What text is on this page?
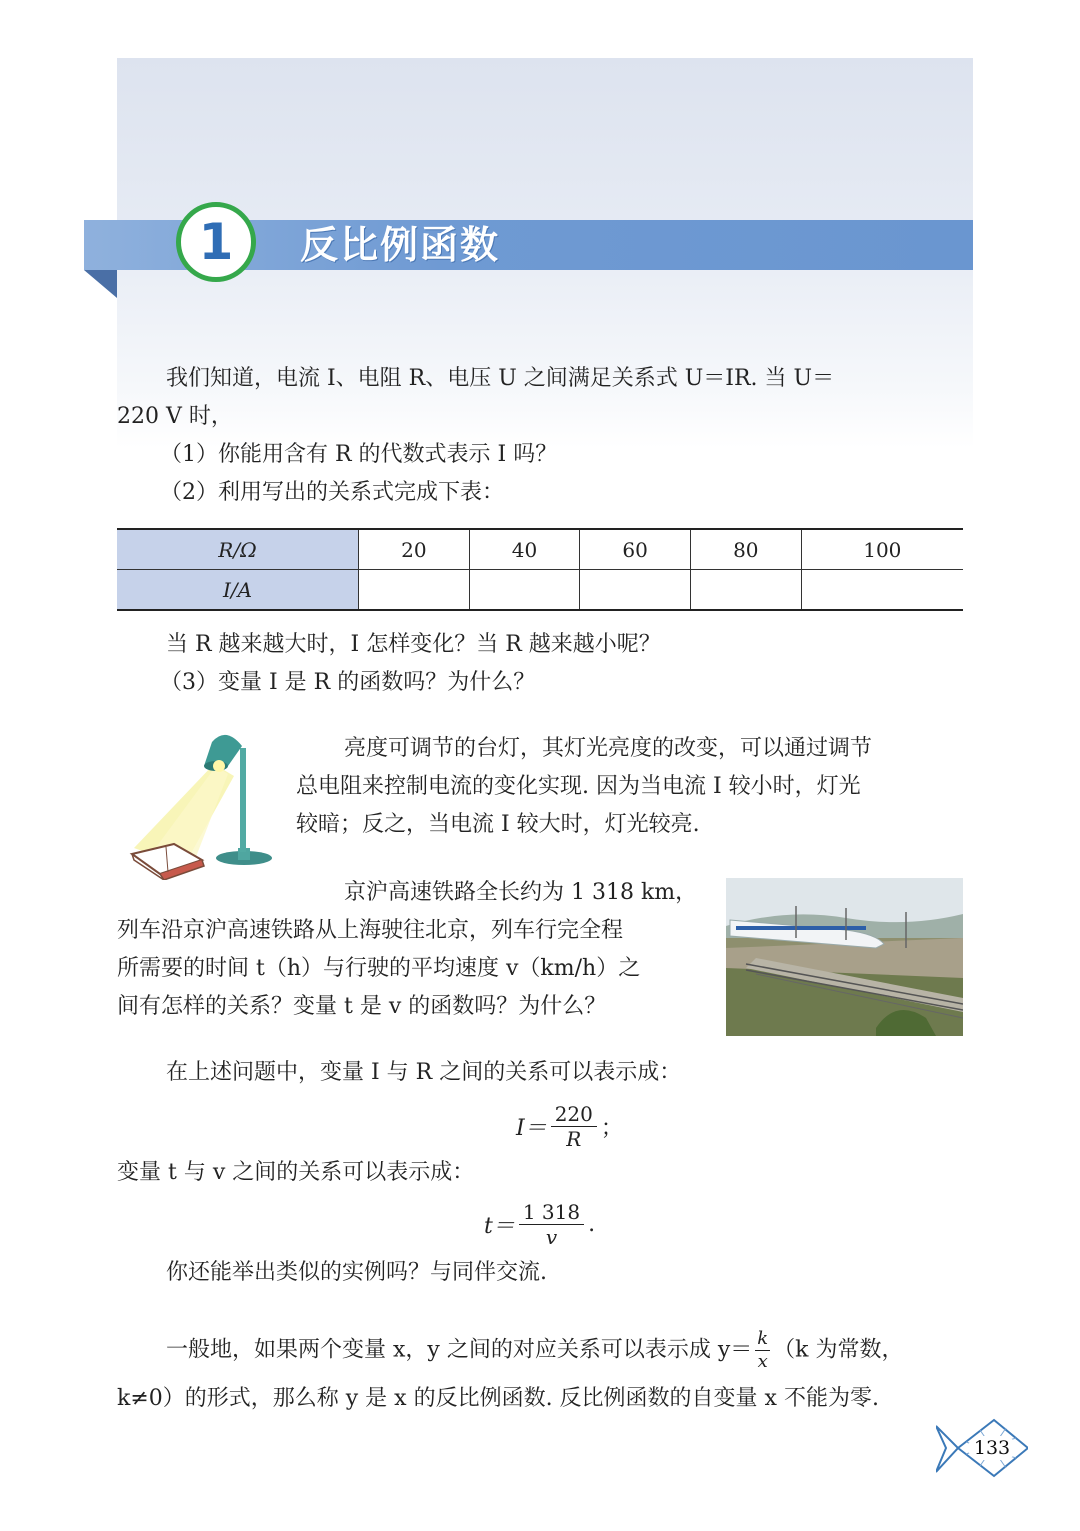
1 反比例函数
我们知道，电流 I、电阻 R、电压 U 之间满足关系式 U＝IR. 当 U＝
220 V 时，
（1）你能用含有 R 的代数式表示 I 吗？
（2）利用写出的关系式完成下表：
R/Ω	20	40	60	80	100
I/A					
当 R 越来越大时，I 怎样变化？当 R 越来越小呢？
（3）变量 I 是 R 的函数吗？为什么？
亮度可调节的台灯，其灯光亮度的改变，可以通过调节
总电阻来控制电流的变化实现. 因为当电流 I 较小时，灯光
较暗；反之，当电流 I 较大时，灯光较亮.
京沪高速铁路全长约为 1 318 km，
列车沿京沪高速铁路从上海驶往北京，列车行完全程
所需要的时间 t（h）与行驶的平均速度 v（km/h）之
间有怎样的关系？变量 t 是 v 的函数吗？为什么？
在上述问题中，变量 I 与 R 之间的关系可以表示成：
$I= \frac{220}{R}$ ；
变量 t 与 v 之间的关系可以表示成：
$t= \frac{1 318}{v}$ .
你还能举出类似的实例吗？与同伴交流.
一般地，如果两个变量 x，y 之间的对应关系可以表示成 $y= \frac{k}{x} (k$ 为常数，
k≠0）的形式，那么称 y 是 x 的反比例函数. 反比例函数的自变量 x 不能为零.
133
